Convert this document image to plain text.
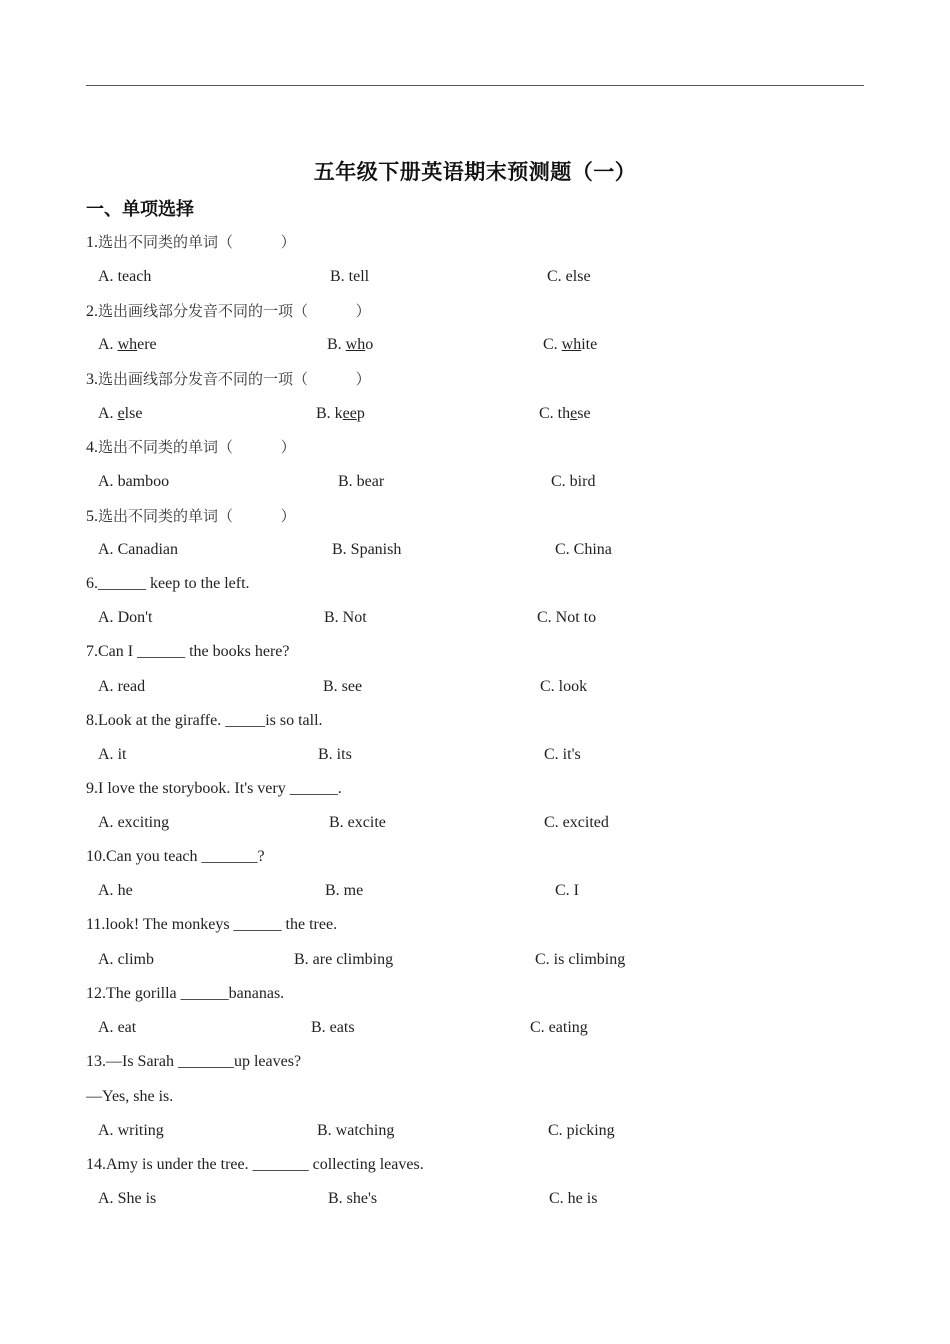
五年级下册英语期末预测题（一）
一、单项选择
1.选出不同类的单词（          ）
A. teach	B. tell	C. else
2.选出画线部分发音不同的一项（          ）
A. where	B. who	C. white
3.选出画线部分发音不同的一项（          ）
A. else	B. keep	C. these
4.选出不同类的单词（          ）
A. bamboo	B. bear	C. bird
5.选出不同类的单词（          ）
A. Canadian	B. Spanish	C. China
6.______ keep to the left.
A. Don't	B. Not	C. Not to
7.Can I ______ the books here?
A. read	B. see	C. look
8.Look at the giraffe. _____is so tall.
A. it	B. its	C. it's
9.I love the storybook. It's very ______.
A. exciting	B. excite	C. excited
10.Can you teach _______?
A. he	B. me	C. I
11.look! The monkeys ______ the tree.
A. climb	B. are climbing	C. is climbing
12.The gorilla ______bananas.
A. eat	B. eats	C. eating
13.—Is Sarah _______up leaves?
—Yes, she is.
A. writing	B. watching	C. picking
14.Amy is under the tree. _______ collecting leaves.
A. She is	B. she's	C. he is
